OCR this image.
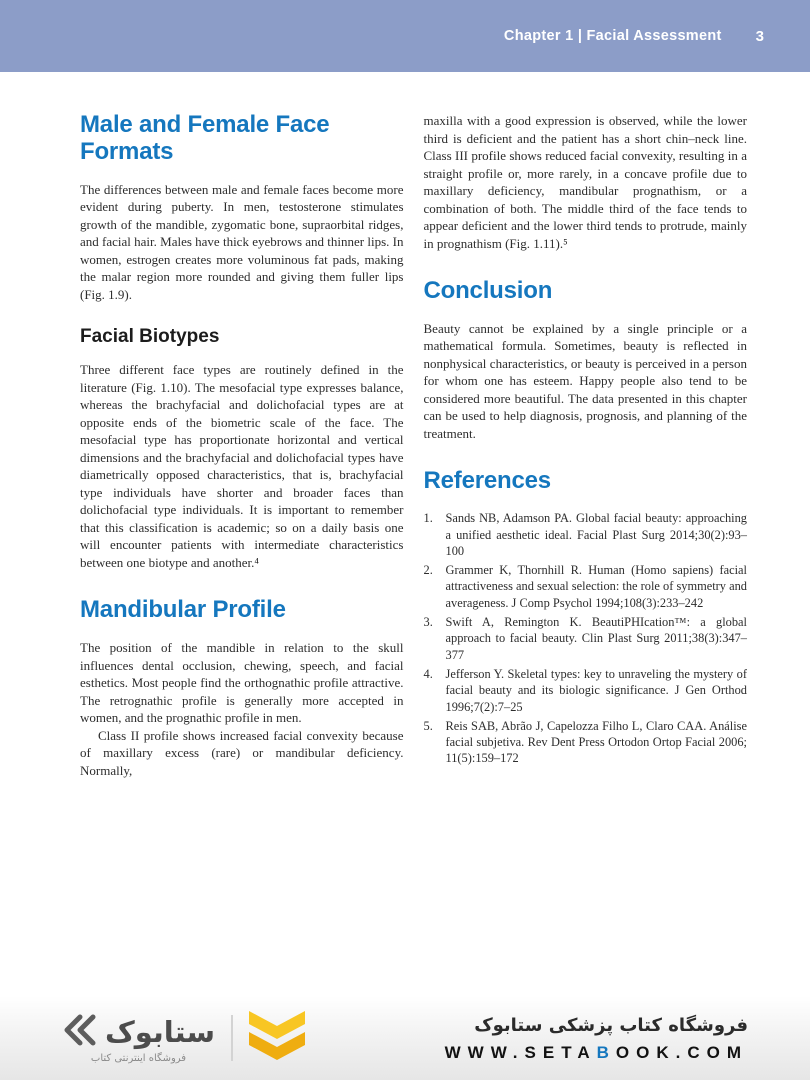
Chapter 1 | Facial Assessment 3
Male and Female Face Formats

The differences between male and female faces become more evident during puberty. In men, testosterone stimulates growth of the mandible, zygomatic bone, supraorbital ridges, and facial hair. Males have thick eyebrows and thinner lips. In women, estrogen creates more voluminous fat pads, making the malar region more rounded and giving them fuller lips (Fig. 1.9).

Facial Biotypes

Three different face types are routinely defined in the literature (Fig. 1.10). The mesofacial type expresses balance, whereas the brachyfacial and dolichofacial types are at opposite ends of the biometric scale of the face. The mesofacial type has proportionate horizontal and vertical dimensions and the brachyfacial and dolichofacial types have diametrically opposed characteristics, that is, brachyfacial type individuals have shorter and broader faces than dolichofacial type individuals. It is important to remember that this classification is academic; so on a daily basis one will encounter patients with intermediate characteristics between one biotype and another.⁴

Mandibular Profile

The position of the mandible in relation to the skull influences dental occlusion, chewing, speech, and facial esthetics. Most people find the orthognathic profile attractive. The retrognathic profile is generally more accepted in women, and the prognathic profile in men.

Class II profile shows increased facial convexity because of maxillary excess (rare) or mandibular deficiency. Normally,

maxilla with a good expression is observed, while the lower third is deficient and the patient has a short chin–neck line. Class III profile shows reduced facial convexity, resulting in a straight profile or, more rarely, in a concave profile due to maxillary deficiency, mandibular prognathism, or a combination of both. The middle third of the face tends to appear deficient and the lower third tends to protrude, mainly in prognathism (Fig. 1.11).⁵

Conclusion

Beauty cannot be explained by a single principle or a mathematical formula. Sometimes, beauty is reflected in nonphysical characteristics, or beauty is perceived in a person for whom one has esteem. Happy people also tend to be considered more beautiful. The data presented in this chapter can be used to help diagnosis, prognosis, and planning of the treatment.

References
1.	Sands NB, Adamson PA. Global facial beauty: approaching a unified aesthetic ideal. Facial Plast Surg 2014;30(2):93–100
2.	Grammer K, Thornhill R. Human (Homo sapiens) facial attractiveness and sexual selection: the role of symmetry and averageness. J Comp Psychol 1994;108(3):233–242
3.	Swift A, Remington K. BeautiPHIcation™: a global approach to facial beauty. Clin Plast Surg 2011;38(3):347–377
4.	Jefferson Y. Skeletal types: key to unraveling the mystery of facial beauty and its biologic significance. J Gen Orthod 1996;7(2):7–25
5.	Reis SAB, Abrão J, Capelozza Filho L, Claro CAA. Análise facial subjetiva. Rev Dent Press Ortodon Ortop Facial 2006; 11(5):159–172
ستابوک
فروشگاه اینترنتی کتاب
فروشگاه کتاب پزشکی ستابوک
WWW.SETABOOK.COM
